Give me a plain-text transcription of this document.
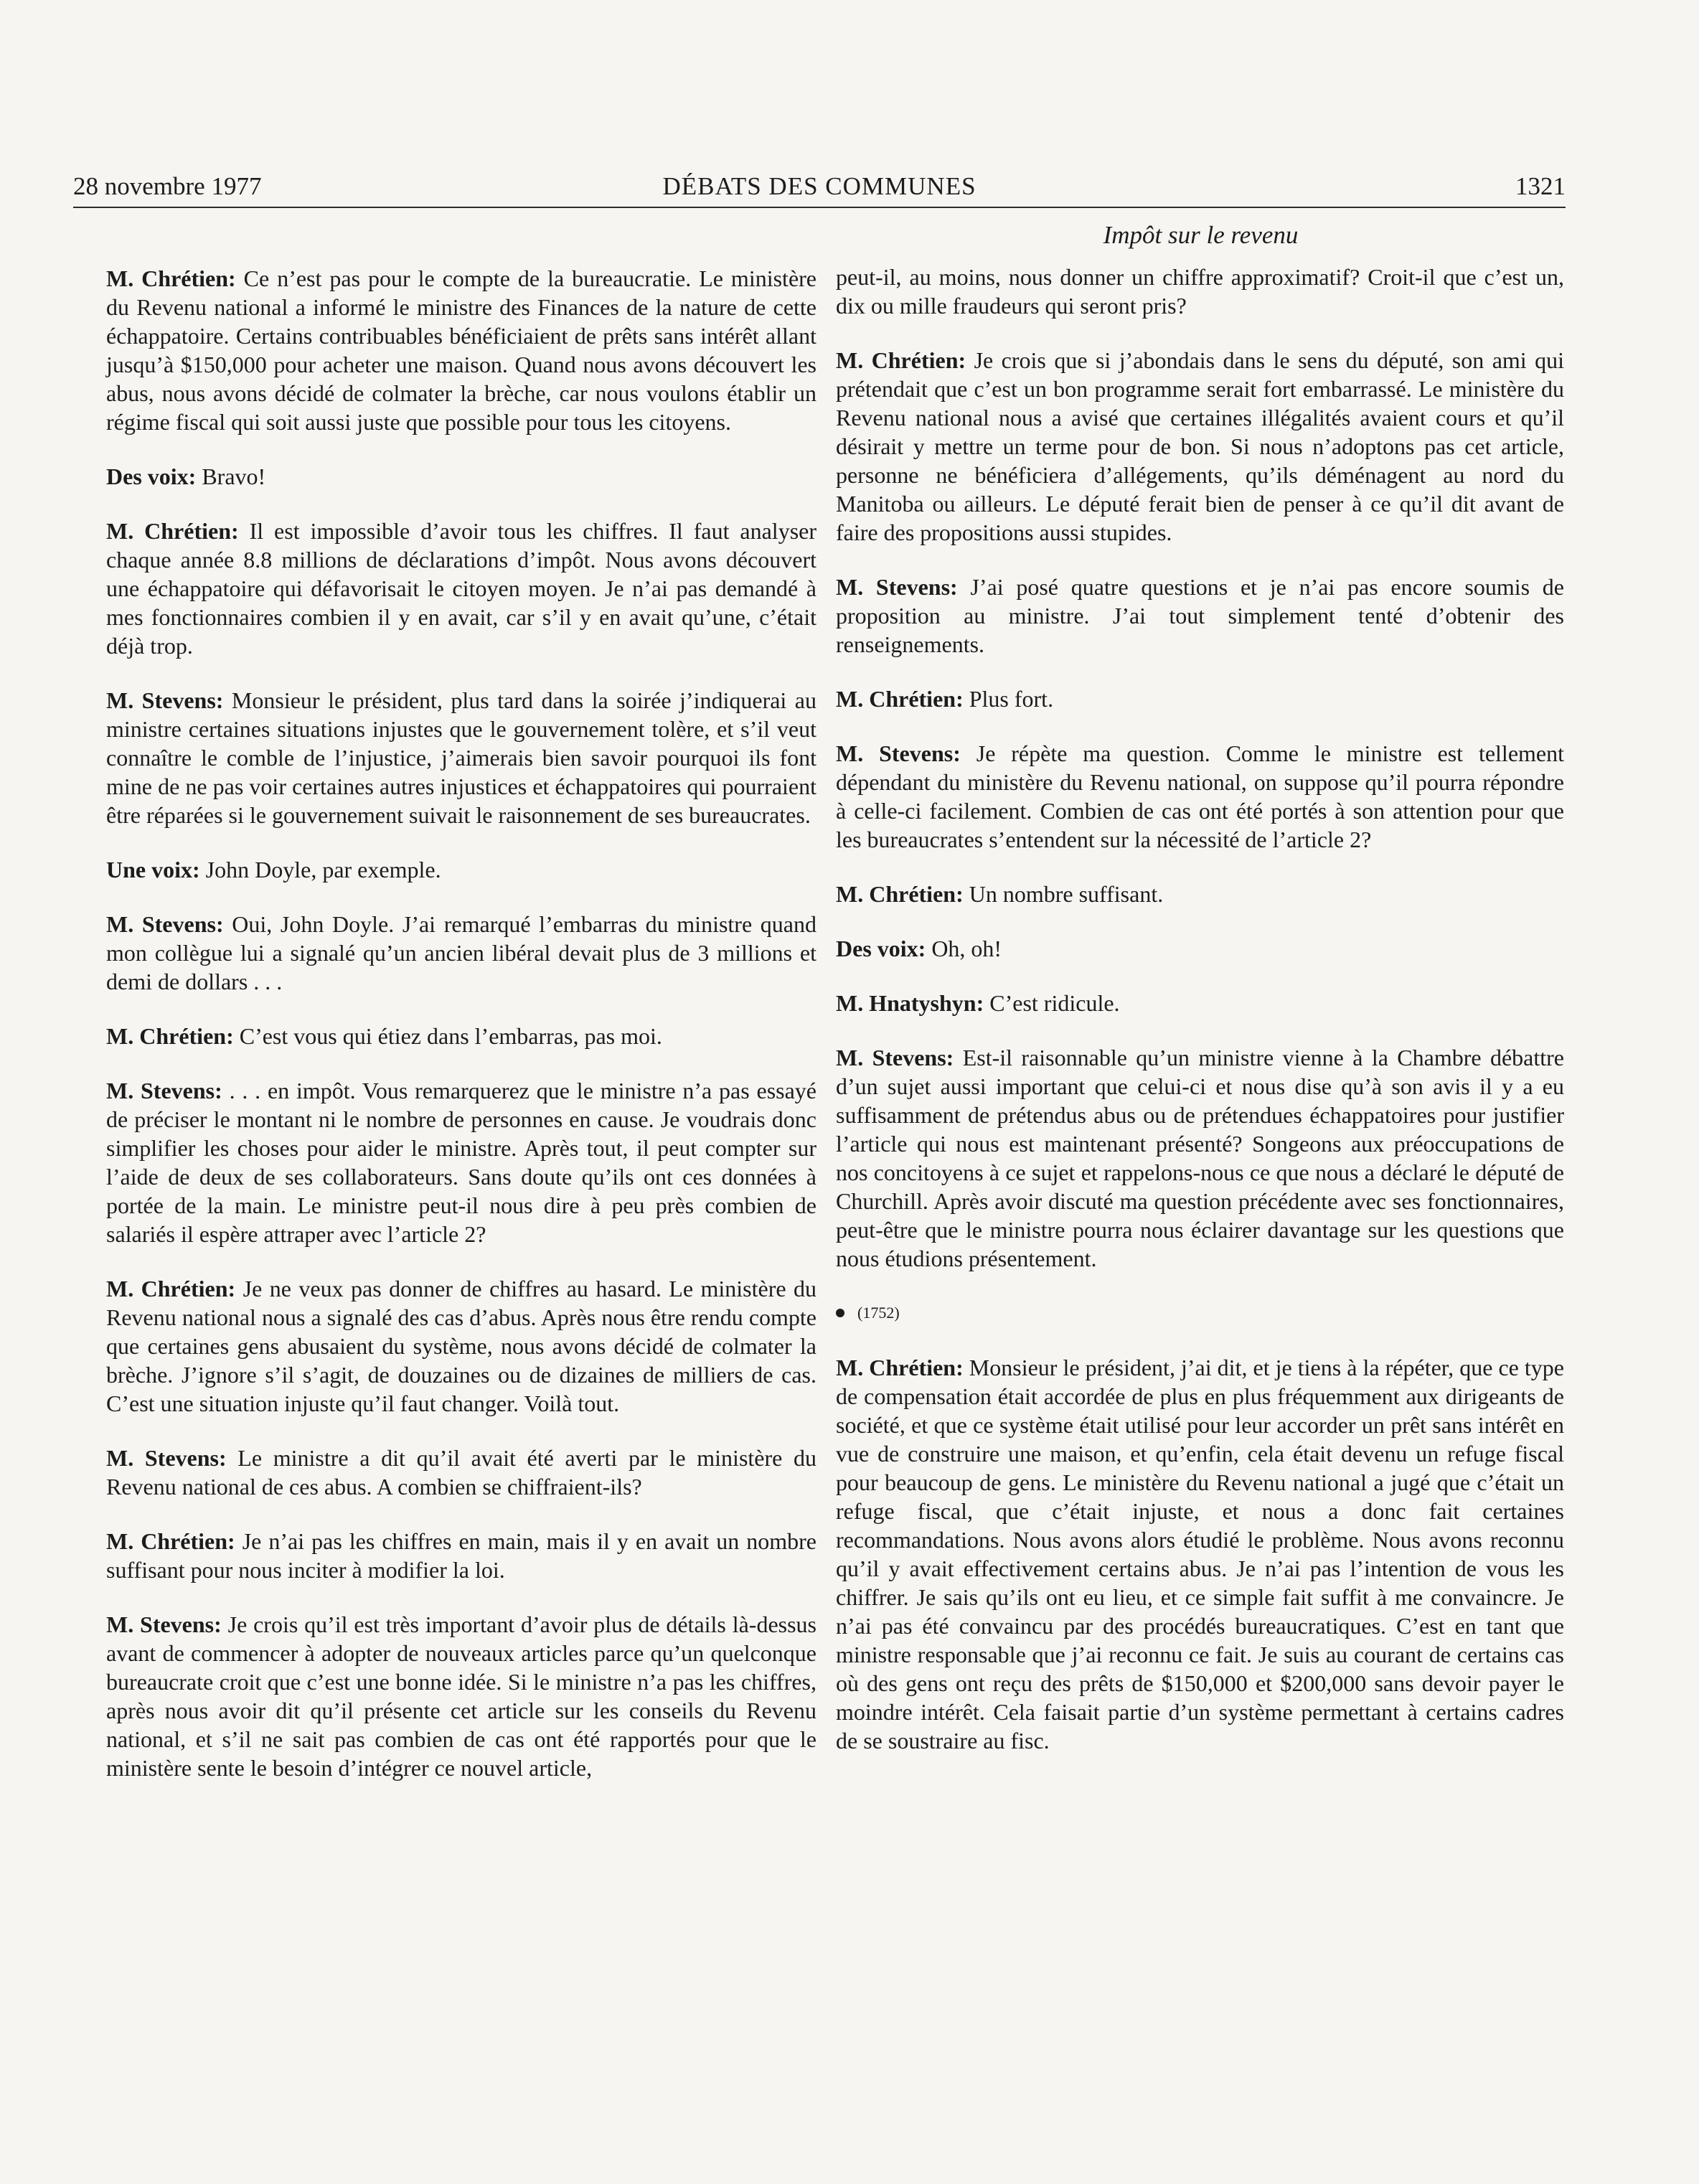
28 novembre 1977	DÉBATS DES COMMUNES	1321
Impôt sur le revenu

M. Chrétien: Ce n’est pas pour le compte de la bureaucratie. Le ministère du Revenu national a informé le ministre des Finances de la nature de cette échappatoire. Certains contribuables bénéficiaient de prêts sans intérêt allant jusqu’à $150,000 pour acheter une maison. Quand nous avons découvert les abus, nous avons décidé de colmater la brèche, car nous voulons établir un régime fiscal qui soit aussi juste que possible pour tous les citoyens.

Des voix: Bravo!

M. Chrétien: Il est impossible d’avoir tous les chiffres. Il faut analyser chaque année 8.8 millions de déclarations d’impôt. Nous avons découvert une échappatoire qui défavorisait le citoyen moyen. Je n’ai pas demandé à mes fonctionnaires combien il y en avait, car s’il y en avait qu’une, c’était déjà trop.

M. Stevens: Monsieur le président, plus tard dans la soirée j’indiquerai au ministre certaines situations injustes que le gouvernement tolère, et s’il veut connaître le comble de l’injustice, j’aimerais bien savoir pourquoi ils font mine de ne pas voir certaines autres injustices et échappatoires qui pourraient être réparées si le gouvernement suivait le raisonnement de ses bureaucrates.

Une voix: John Doyle, par exemple.

M. Stevens: Oui, John Doyle. J’ai remarqué l’embarras du ministre quand mon collègue lui a signalé qu’un ancien libéral devait plus de 3 millions et demi de dollars . . .

M. Chrétien: C’est vous qui étiez dans l’embarras, pas moi.

M. Stevens: . . . en impôt. Vous remarquerez que le ministre n’a pas essayé de préciser le montant ni le nombre de personnes en cause. Je voudrais donc simplifier les choses pour aider le ministre. Après tout, il peut compter sur l’aide de deux de ses collaborateurs. Sans doute qu’ils ont ces données à portée de la main. Le ministre peut-il nous dire à peu près combien de salariés il espère attraper avec l’article 2?

M. Chrétien: Je ne veux pas donner de chiffres au hasard. Le ministère du Revenu national nous a signalé des cas d’abus. Après nous être rendu compte que certaines gens abusaient du système, nous avons décidé de colmater la brèche. J’ignore s’il s’agit, de douzaines ou de dizaines de milliers de cas. C’est une situation injuste qu’il faut changer. Voilà tout.

M. Stevens: Le ministre a dit qu’il avait été averti par le ministère du Revenu national de ces abus. A combien se chiffraient-ils?

M. Chrétien: Je n’ai pas les chiffres en main, mais il y en avait un nombre suffisant pour nous inciter à modifier la loi.

M. Stevens: Je crois qu’il est très important d’avoir plus de détails là-dessus avant de commencer à adopter de nouveaux articles parce qu’un quelconque bureaucrate croit que c’est une bonne idée. Si le ministre n’a pas les chiffres, après nous avoir dit qu’il présente cet article sur les conseils du Revenu national, et s’il ne sait pas combien de cas ont été rapportés pour que le ministère sente le besoin d’intégrer ce nouvel article,

peut-il, au moins, nous donner un chiffre approximatif? Croit-il que c’est un, dix ou mille fraudeurs qui seront pris?

M. Chrétien: Je crois que si j’abondais dans le sens du député, son ami qui prétendait que c’est un bon programme serait fort embarrassé. Le ministère du Revenu national nous a avisé que certaines illégalités avaient cours et qu’il désirait y mettre un terme pour de bon. Si nous n’adoptons pas cet article, personne ne bénéficiera d’allégements, qu’ils déménagent au nord du Manitoba ou ailleurs. Le député ferait bien de penser à ce qu’il dit avant de faire des propositions aussi stupides.

M. Stevens: J’ai posé quatre questions et je n’ai pas encore soumis de proposition au ministre. J’ai tout simplement tenté d’obtenir des renseignements.

M. Chrétien: Plus fort.

M. Stevens: Je répète ma question. Comme le ministre est tellement dépendant du ministère du Revenu national, on suppose qu’il pourra répondre à celle-ci facilement. Combien de cas ont été portés à son attention pour que les bureaucrates s’entendent sur la nécessité de l’article 2?

M. Chrétien: Un nombre suffisant.

Des voix: Oh, oh!

M. Hnatyshyn: C’est ridicule.

M. Stevens: Est-il raisonnable qu’un ministre vienne à la Chambre débattre d’un sujet aussi important que celui-ci et nous dise qu’à son avis il y a eu suffisamment de prétendus abus ou de prétendues échappatoires pour justifier l’article qui nous est maintenant présenté? Songeons aux préoccupations de nos concitoyens à ce sujet et rappelons-nous ce que nous a déclaré le député de Churchill. Après avoir discuté ma question précédente avec ses fonctionnaires, peut-être que le ministre pourra nous éclairer davantage sur les questions que nous étudions présentement.

(1752)

M. Chrétien: Monsieur le président, j’ai dit, et je tiens à la répéter, que ce type de compensation était accordée de plus en plus fréquemment aux dirigeants de société, et que ce système était utilisé pour leur accorder un prêt sans intérêt en vue de construire une maison, et qu’enfin, cela était devenu un refuge fiscal pour beaucoup de gens. Le ministère du Revenu national a jugé que c’était un refuge fiscal, que c’était injuste, et nous a donc fait certaines recommandations. Nous avons alors étudié le problème. Nous avons reconnu qu’il y avait effectivement certains abus. Je n’ai pas l’intention de vous les chiffrer. Je sais qu’ils ont eu lieu, et ce simple fait suffit à me convaincre. Je n’ai pas été convaincu par des procédés bureaucratiques. C’est en tant que ministre responsable que j’ai reconnu ce fait. Je suis au courant de certains cas où des gens ont reçu des prêts de $150,000 et $200,000 sans devoir payer le moindre intérêt. Cela faisait partie d’un système permettant à certains cadres de se soustraire au fisc.
